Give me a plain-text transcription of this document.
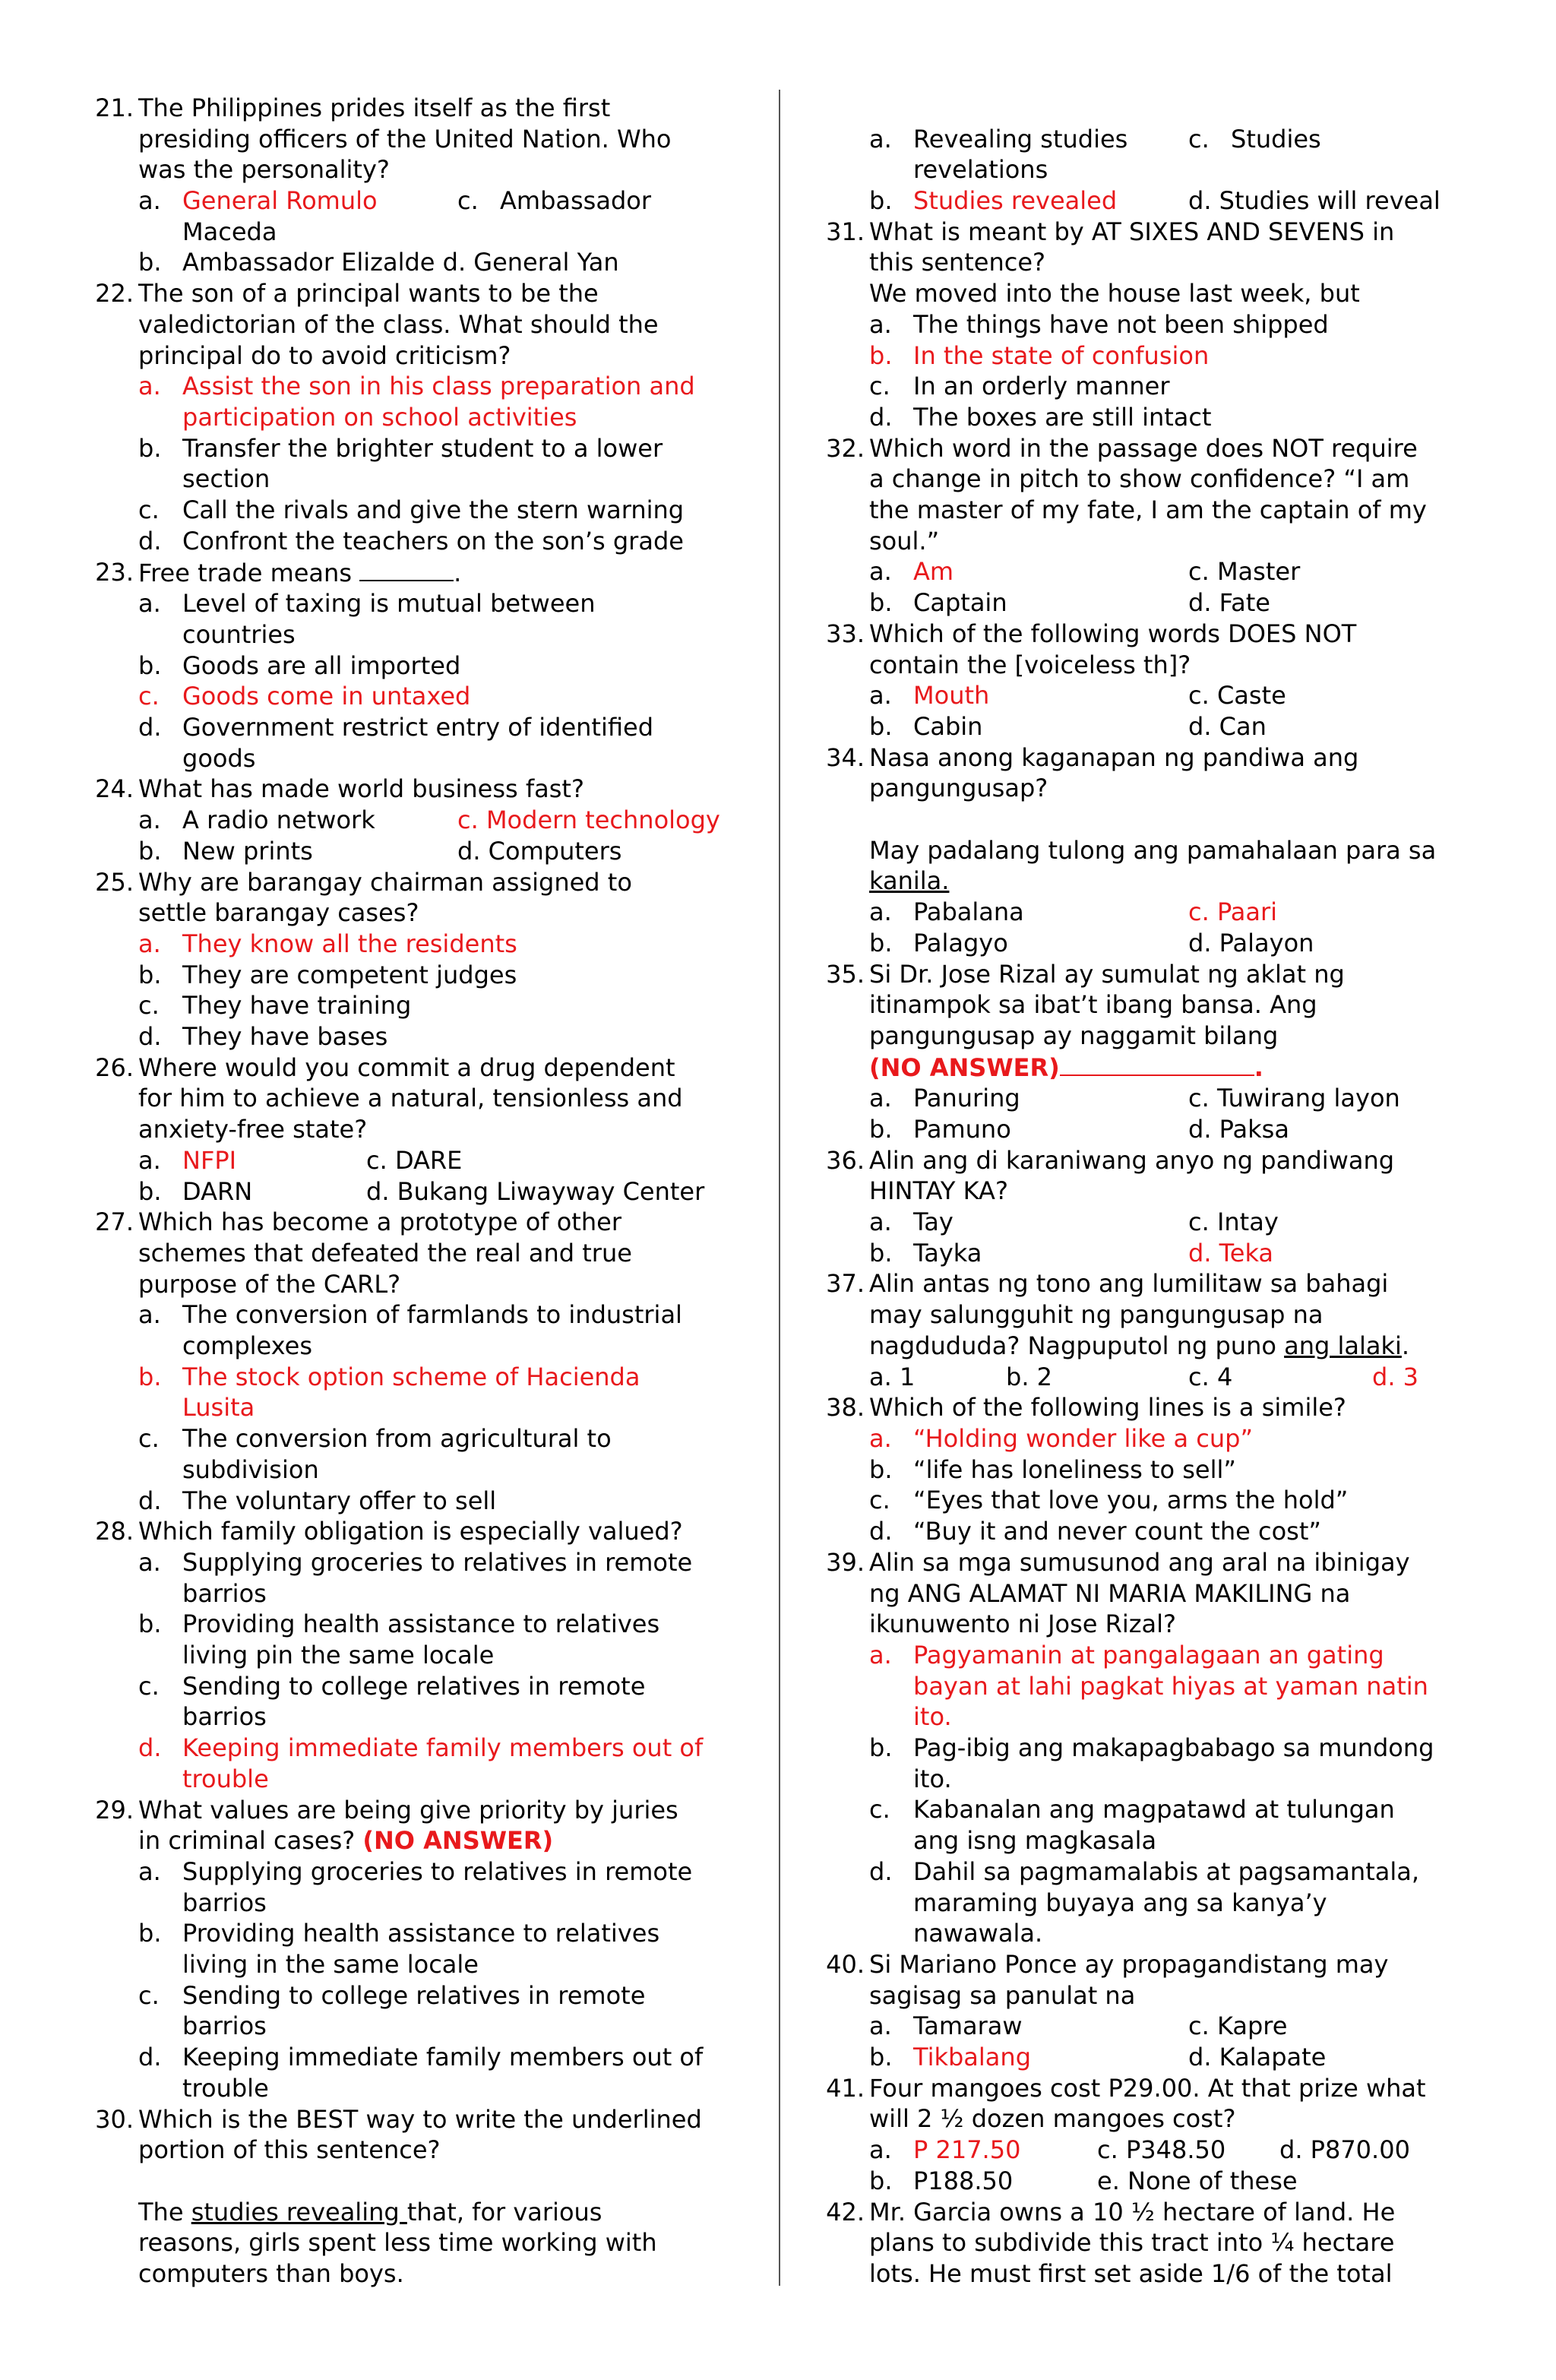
21. The Philippines prides itself as the first
presiding officers of the United Nation. Who
was the personality?
a. General Romulo	c. Ambassador
Maceda
b. Ambassador Elizalde d. General Yan
22. The son of a principal wants to be the
valedictorian of the class. What should the
principal do to avoid criticism?
a. Assist the son in his class preparation and
participation on school activities
b. Transfer the brighter student to a lower
section
c. Call the rivals and give the stern warning
d. Confront the teachers on the son’s grade
23. Free trade means	.
a. Level of taxing is mutual between
countries
b. Goods are all imported
c. Goods come in untaxed
d. Government restrict entry of identified
goods
24. What has made world business fast?
a. A radio network	c. Modern technology
b. New prints	d. Computers
25. Why are barangay chairman assigned to
settle barangay cases?
a. They know all the residents
b. They are competent judges
c. They have training
d. They have bases
26. Where would you commit a drug dependent
for him to achieve a natural, tensionless and
anxiety-free state?
a. NFPI	c. DARE
b. DARN	d. Bukang Liwayway Center
27. Which has become a prototype of other
schemes that defeated the real and true
purpose of the CARL?
a. The conversion of farmlands to industrial
complexes
b. The stock option scheme of Hacienda
Lusita
c. The conversion from agricultural to
subdivision
d. The voluntary offer to sell
28. Which family obligation is especially valued?
a. Supplying groceries to relatives in remote
barrios
b. Providing health assistance to relatives
living pin the same locale
c. Sending to college relatives in remote
barrios
d. Keeping immediate family members out of
trouble
29. What values are being give priority by juries
in criminal cases? (NO ANSWER)
a. Supplying groceries to relatives in remote
barrios
b. Providing health assistance to relatives
living in the same locale
c. Sending to college relatives in remote
barrios
d. Keeping immediate family members out of
trouble
30. Which is the BEST way to write the underlined
portion of this sentence?
The studies revealing that, for various
reasons, girls spent less time working with
computers than boys.
a. Revealing studies c. Studies
revelations
b. Studies revealed	d. Studies will reveal
31. What is meant by AT SIXES AND SEVENS in
this sentence?
We moved into the house last week, but
a. The things have not been shipped
b. In the state of confusion
c. In an orderly manner
d. The boxes are still intact
32. Which word in the passage does NOT require
a change in pitch to show confidence? “I am
the master of my fate, I am the captain of my
soul.”
a. Am	c. Master
b. Captain	d. Fate
33. Which of the following words DOES NOT
contain the [voiceless th]?
a. Mouth	c. Caste
b. Cabin	d. Can
34. Nasa anong kaganapan ng pandiwa ang
pangungusap?
May padalang tulong ang pamahalaan para sa
kanila.
a. Pabalana	c. Paari
b. Palagyo	d. Palayon
35. Si Dr. Jose Rizal ay sumulat ng aklat ng
itinampok sa ibat’t ibang bansa. Ang
pangungusap ay naggamit bilang
(NO ANSWER)	.
a. Panuring	c. Tuwirang layon
b. Pamuno	d. Paksa
36. Alin ang di karaniwang anyo ng pandiwang
HINTAY KA?
a. Tay	c. Intay
b. Tayka	d. Teka
37. Alin antas ng tono ang lumilitaw sa bahagi
may salungguhit ng pangungusap na
nagdududa? Nagpuputol ng puno ang lalaki.
a. 1	b. 2	c. 4	d. 3
38. Which of the following lines is a simile?
a. “Holding wonder like a cup”
b. “life has loneliness to sell”
c. “Eyes that love you, arms the hold”
d. “Buy it and never count the cost”
39. Alin sa mga sumusunod ang aral na ibinigay
ng ANG ALAMAT NI MARIA MAKILING na
ikunuwento ni Jose Rizal?
a. Pagyamanin at pangalagaan an gating
bayan at lahi pagkat hiyas at yaman natin
ito.
b. Pag-ibig ang makapagbabago sa mundong
ito.
c. Kabanalan ang magpatawd at tulungan
ang isng magkasala
d. Dahil sa pagmamalabis at pagsamantala,
maraming buyaya ang sa kanya’y
nawawala.
40. Si Mariano Ponce ay propagandistang may
sagisag sa panulat na
a. Tamaraw	c. Kapre
b. Tikbalang	d. Kalapate
41. Four mangoes cost P29.00. At that prize what
will 2 ½ dozen mangoes cost?
a. P 217.50	c. P348.50 d. P870.00
b. P188.50	e. None of these
42. Mr. Garcia owns a 10 ½ hectare of land. He
plans to subdivide this tract into ¼ hectare
lots. He must first set aside 1/6 of the total
